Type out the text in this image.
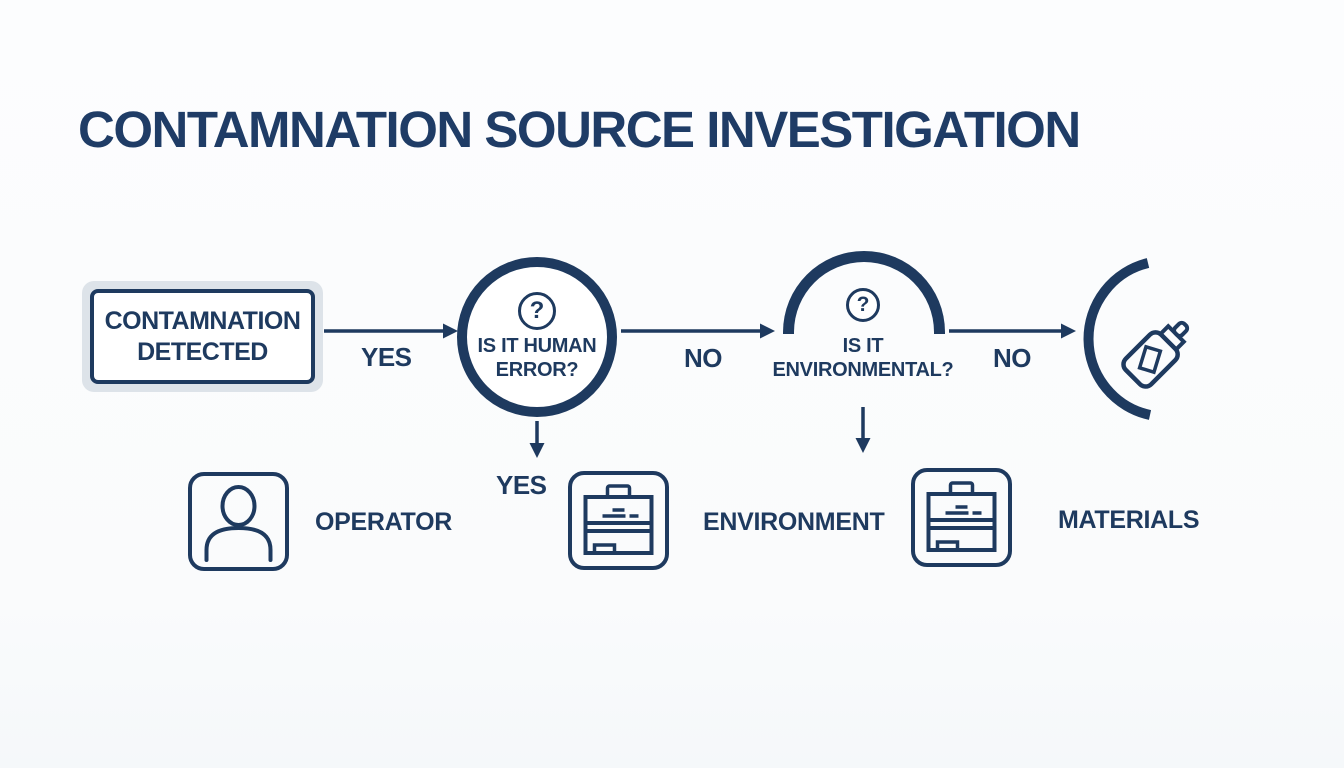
CONTAMNATION SOURCE INVESTIGATION
CONTAMNATION
DETECTED	YES	NO	NO
YES
?
IS IT HUMAN
ERROR?
?
IS IT
ENVIRONMENTAL?
OPERATOR	ENVIRONMENT	MATERIALS
